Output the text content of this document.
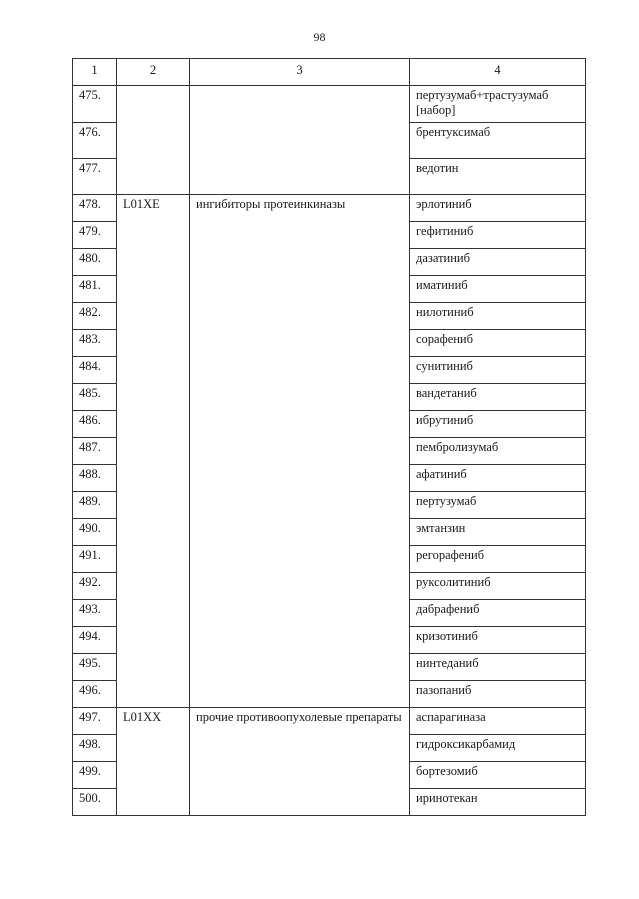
98
1	2	3	4
475.			пертузумаб+трастузумаб [набор]
476.			брентуксимаб
477.			ведотин
478.	L01XE	ингибиторы протеинкиназы	эрлотиниб
479.			гефитиниб
480.			дазатиниб
481.			иматиниб
482.			нилотиниб
483.			сорафениб
484.			сунитиниб
485.			вандетаниб
486.			ибрутиниб
487.			пембролизумаб
488.			афатиниб
489.			пертузумаб
490.			эмтанзин
491.			регорафениб
492.			руксолитиниб
493.			дабрафениб
494.			кризотиниб
495.			нинтеданиб
496.			пазопаниб
497.	L01XX	прочие противоопухолевые препараты	аспарагиназа
498.			гидроксикарбамид
499.			бортезомиб
500.			иринотекан
